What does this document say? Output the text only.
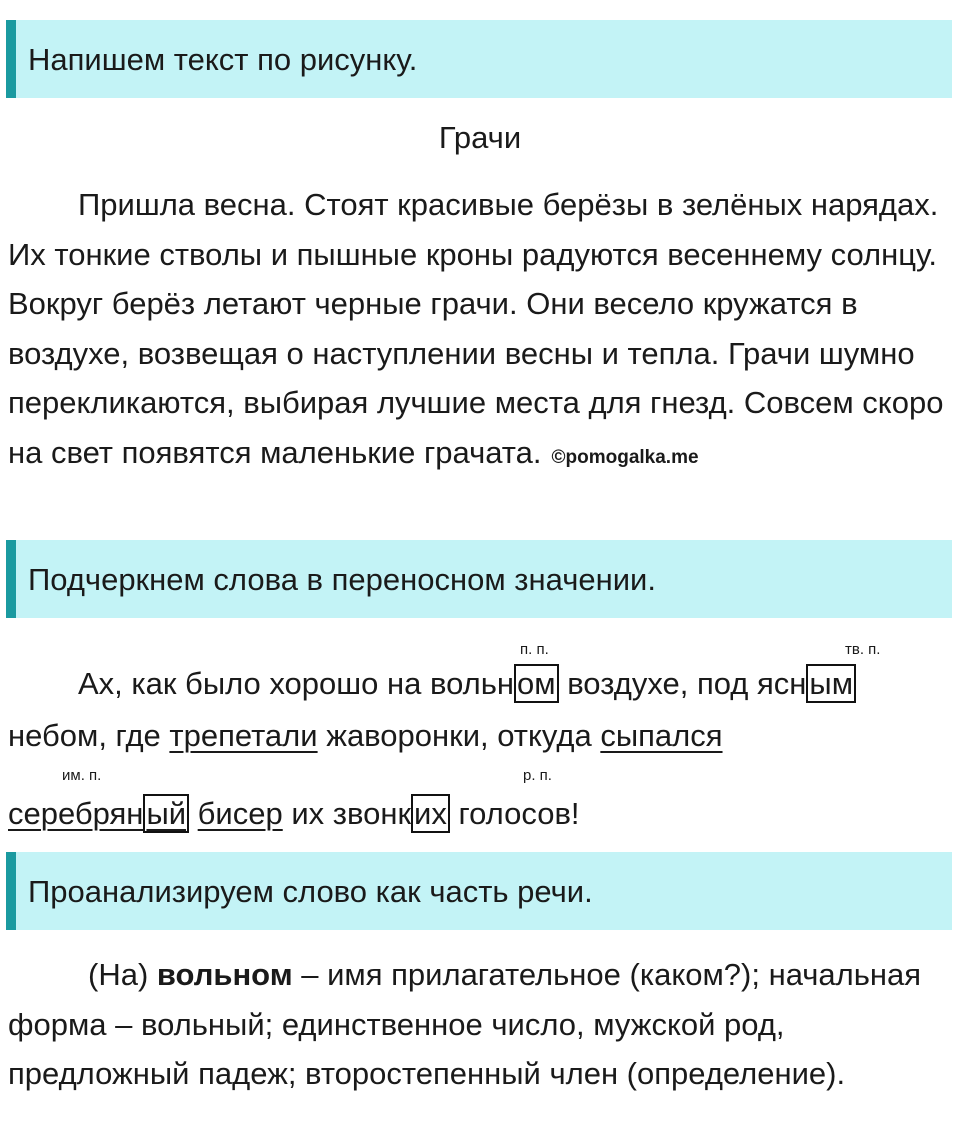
Напишем текст по рисунку.
Грачи
Пришла весна. Стоят красивые берёзы в зелёных нарядах. Их тонкие стволы и пышные кроны радуются весеннему солнцу. Вокруг берёз летают черные грачи. Они весело кружатся в воздухе, возвещая о наступлении весны и тепла. Грачи шумно перекликаются, выбирая лучшие места для гнезд. Совсем скоро на свет появятся маленькие грачата. ©pomogalka.me
Подчеркнем слова в переносном значении.
п. п.	тв. п.
Ах, как было хорошо на вольном воздухе, под ясным
небом, где трепетали жаворонки, откуда сыпался
им. п.	р. п.
серебряный бисер их звонких голосов!
Проанализируем слово как часть речи.
(На) вольном – имя прилагательное (каком?); начальная форма – вольный; единственное число, мужской род, предложный падеж; второстепенный член (определение).
